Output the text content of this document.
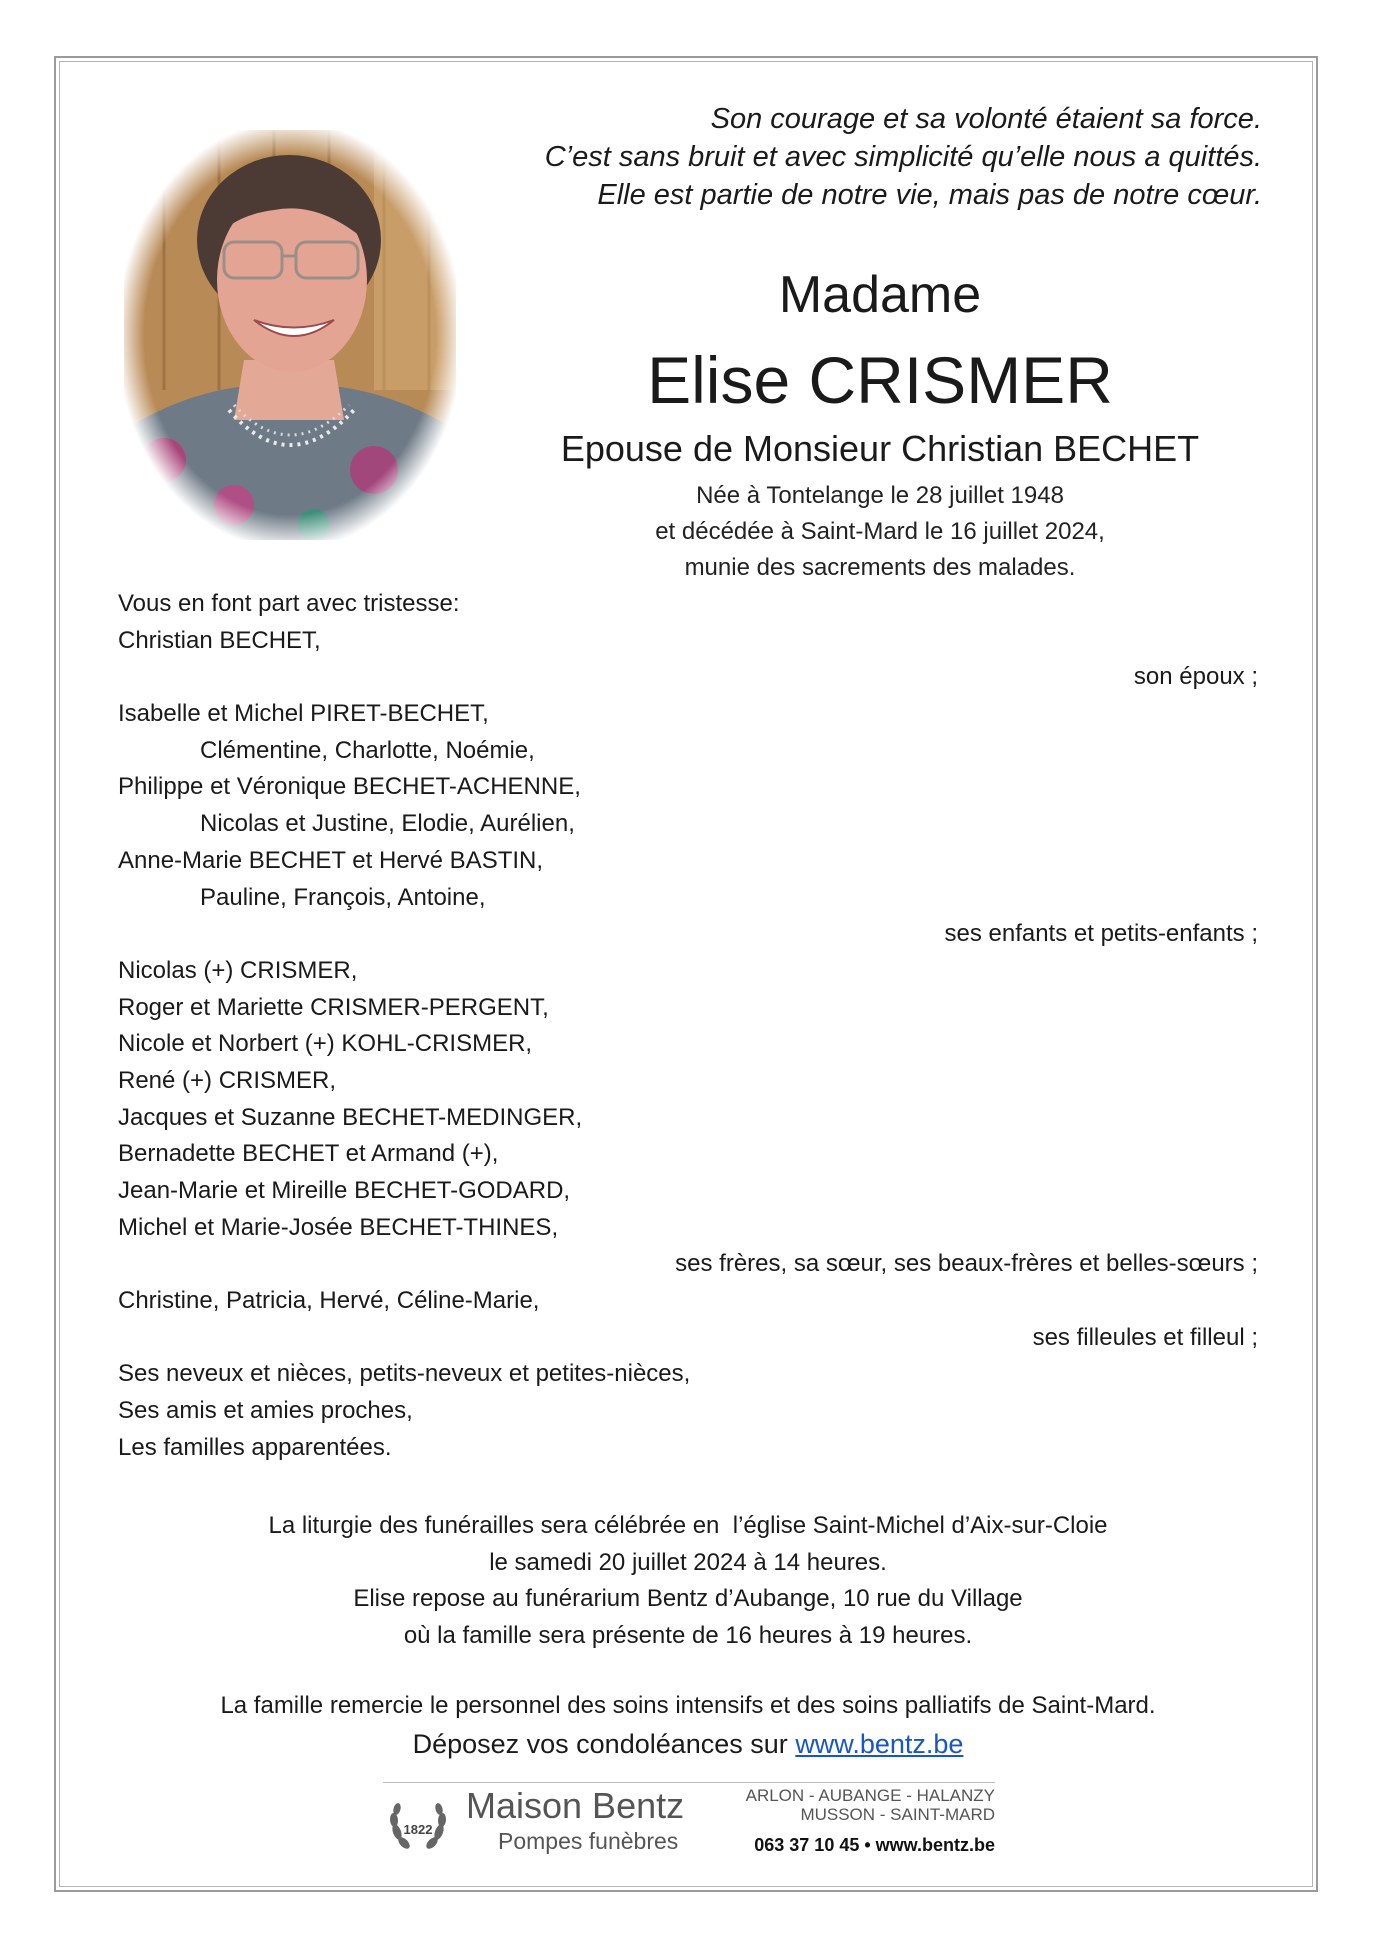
Son courage et sa volonté étaient sa force.
C’est sans bruit et avec simplicité qu’elle nous a quittés.
Elle est partie de notre vie, mais pas de notre cœur.
Madame
Elise CRISMER
Epouse de Monsieur Christian BECHET
Née à Tontelange le 28 juillet 1948
et décédée à Saint-Mard le 16 juillet 2024,
munie des sacrements des malades.
Vous en font part avec tristesse:
Christian BECHET,
son époux ;
Isabelle et Michel PIRET-BECHET,
Clémentine, Charlotte, Noémie,
Philippe et Véronique BECHET-ACHENNE,
Nicolas et Justine, Elodie, Aurélien,
Anne-Marie BECHET et Hervé BASTIN,
Pauline, François, Antoine,
ses enfants et petits-enfants ;
Nicolas (+) CRISMER,
Roger et Mariette CRISMER-PERGENT,
Nicole et Norbert (+) KOHL-CRISMER,
René (+) CRISMER,
Jacques et Suzanne BECHET-MEDINGER,
Bernadette BECHET et Armand (+),
Jean-Marie et Mireille BECHET-GODARD,
Michel et Marie-Josée BECHET-THINES,
ses frères, sa sœur, ses beaux-frères et belles-sœurs ;
Christine, Patricia, Hervé, Céline-Marie,
ses filleules et filleul ;
Ses neveux et nièces, petits-neveux et petites-nièces,
Ses amis et amies proches,
Les familles apparentées.
La liturgie des funérailles sera célébrée en  l’église Saint-Michel d’Aix-sur-Cloie
le samedi 20 juillet 2024 à 14 heures.
Elise repose au funérarium Bentz d’Aubange, 10 rue du Village
où la famille sera présente de 16 heures à 19 heures.
La famille remercie le personnel des soins intensifs et des soins palliatifs de Saint-Mard.
Déposez vos condoléances sur www.bentz.be
1822
Maison Bentz
Pompes funèbres
ARLON - AUBANGE - HALANZY
MUSSON - SAINT-MARD
063 37 10 45 • www.bentz.be
